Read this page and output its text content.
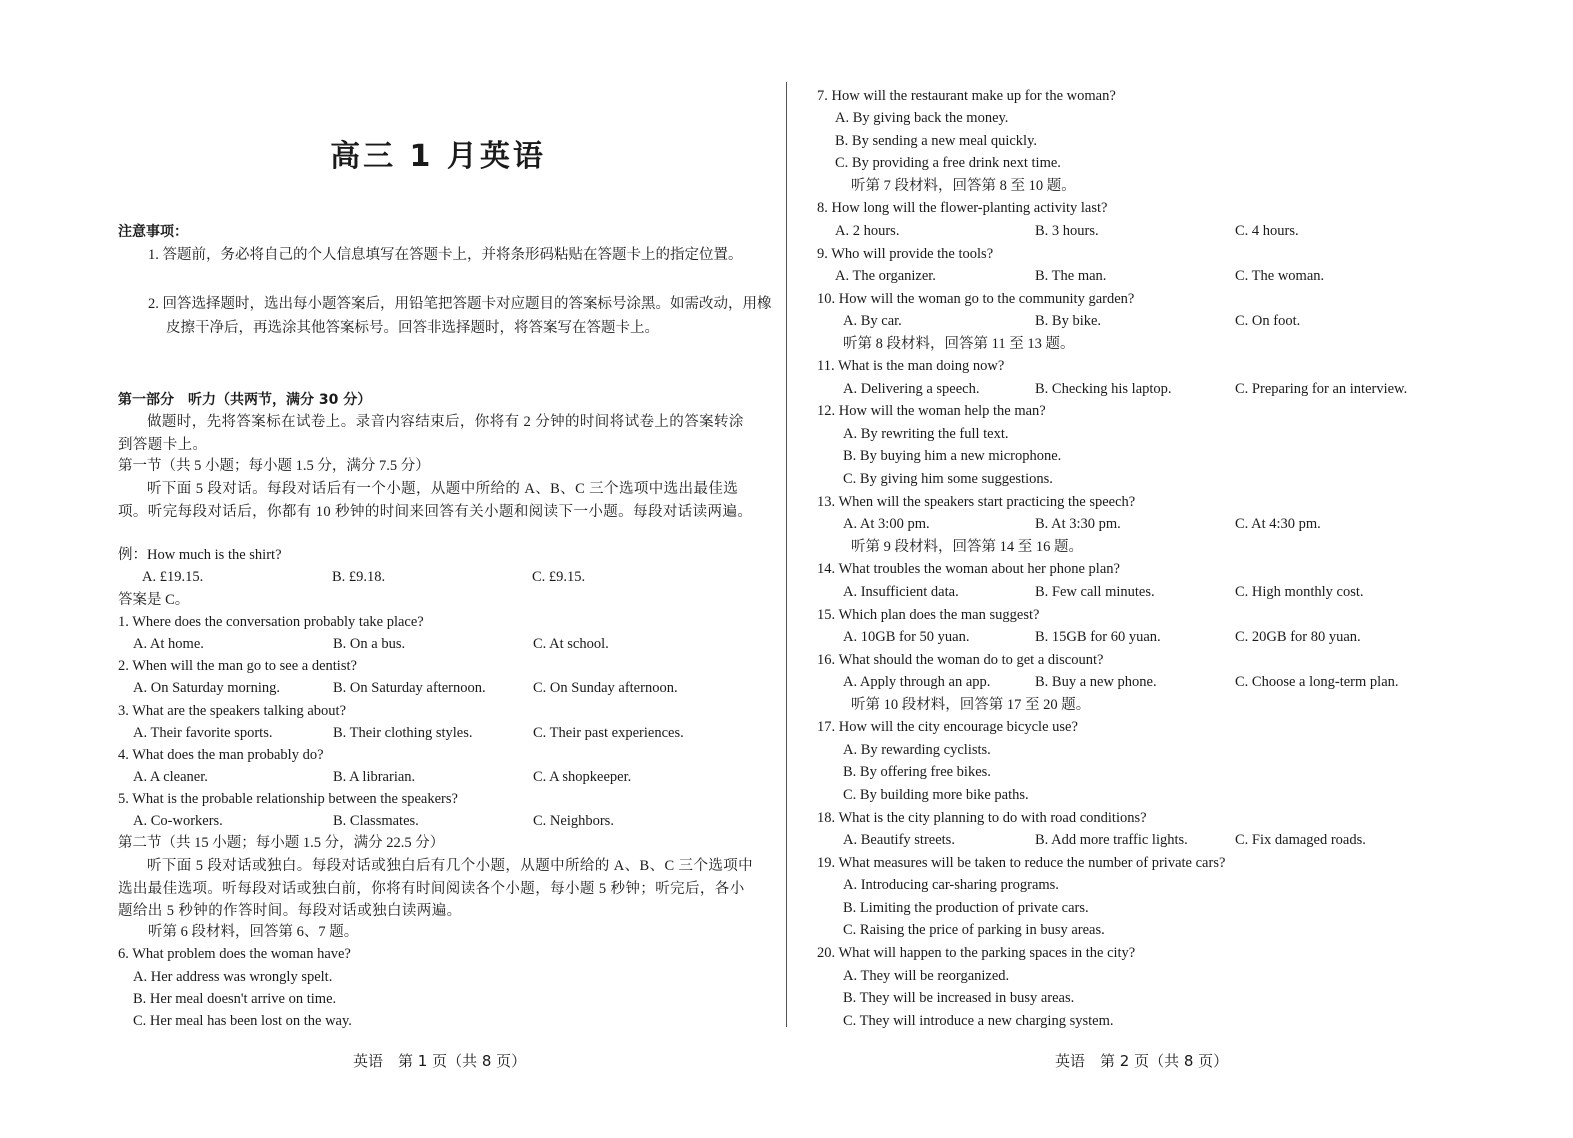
高三 1 月英语
注意事项：
1. 答题前，务必将自己的个人信息填写在答题卡上，并将条形码粘贴在答题卡上的指定位置。
2. 回答选择题时，选出每小题答案后，用铅笔把答题卡对应题目的答案标号涂黑。如需改动，用橡皮擦干净后，再选涂其他答案标号。回答非选择题时，将答案写在答题卡上。
第一部分　听力（共两节，满分 30 分）
做题时，先将答案标在试卷上。录音内容结束后，你将有 2 分钟的时间将试卷上的答案转涂到答题卡上。
第一节（共 5 小题；每小题 1.5 分，满分 7.5 分）
听下面 5 段对话。每段对话后有一个小题，从题中所给的 A、B、C 三个选项中选出最佳选项。听完每段对话后，你都有 10 秒钟的时间来回答有关小题和阅读下一小题。每段对话读两遍。
例：How much is the shirt?
A. £19.15.	B. £9.18.	C. £9.15.
答案是 C。
1. Where does the conversation probably take place?
A. At home.	B. On a bus.	C. At school.
2. When will the man go to see a dentist?
A. On Saturday morning.	B. On Saturday afternoon.	C. On Sunday afternoon.
3. What are the speakers talking about?
A. Their favorite sports.	B. Their clothing styles.	C. Their past experiences.
4. What does the man probably do?
A. A cleaner.	B. A librarian.	C. A shopkeeper.
5. What is the probable relationship between the speakers?
A. Co-workers.	B. Classmates.	C. Neighbors.
第二节（共 15 小题；每小题 1.5 分，满分 22.5 分）
听下面 5 段对话或独白。每段对话或独白后有几个小题，从题中所给的 A、B、C 三个选项中选出最佳选项。听每段对话或独白前，你将有时间阅读各个小题，每小题 5 秒钟；听完后，各小题给出 5 秒钟的作答时间。每段对话或独白读两遍。
听第 6 段材料，回答第 6、7 题。
6. What problem does the woman have?
A. Her address was wrongly spelt.
B. Her meal doesn't arrive on time.
C. Her meal has been lost on the way.
7. How will the restaurant make up for the woman?
A. By giving back the money.
B. By sending a new meal quickly.
C. By providing a free drink next time.
听第 7 段材料，回答第 8 至 10 题。
8. How long will the flower-planting activity last?
A. 2 hours.	B. 3 hours.	C. 4 hours.
9. Who will provide the tools?
A. The organizer.	B. The man.	C. The woman.
10. How will the woman go to the community garden?
A. By car.	B. By bike.	C. On foot.
听第 8 段材料，回答第 11 至 13 题。
11. What is the man doing now?
A. Delivering a speech.	B. Checking his laptop.	C. Preparing for an interview.
12. How will the woman help the man?
A. By rewriting the full text.
B. By buying him a new microphone.
C. By giving him some suggestions.
13. When will the speakers start practicing the speech?
A. At 3:00 pm.	B. At 3:30 pm.	C. At 4:30 pm.
听第 9 段材料，回答第 14 至 16 题。
14. What troubles the woman about her phone plan?
A. Insufficient data.	B. Few call minutes.	C. High monthly cost.
15. Which plan does the man suggest?
A. 10GB for 50 yuan.	B. 15GB for 60 yuan.	C. 20GB for 80 yuan.
16. What should the woman do to get a discount?
A. Apply through an app.	B. Buy a new phone.	C. Choose a long-term plan.
听第 10 段材料，回答第 17 至 20 题。
17. How will the city encourage bicycle use?
A. By rewarding cyclists.
B. By offering free bikes.
C. By building more bike paths.
18. What is the city planning to do with road conditions?
A. Beautify streets.	B. Add more traffic lights.	C. Fix damaged roads.
19. What measures will be taken to reduce the number of private cars?
A. Introducing car-sharing programs.
B. Limiting the production of private cars.
C. Raising the price of parking in busy areas.
20. What will happen to the parking spaces in the city?
A. They will be reorganized.
B. They will be increased in busy areas.
C. They will introduce a new charging system.
英语　第 1 页（共 8 页）	英语　第 2 页（共 8 页）
